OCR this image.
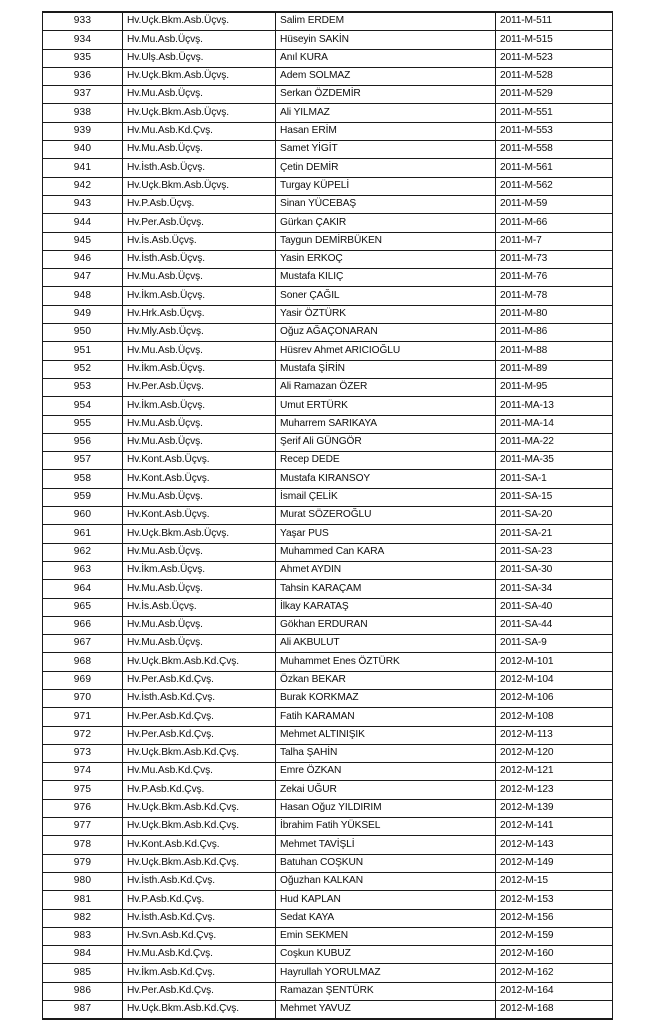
933	Hv.Uçk.Bkm.Asb.Üçvş.	Salim ERDEM	2011-M-511
934	Hv.Mu.Asb.Üçvş.	Hüseyin SAKİN	2011-M-515
935	Hv.Ulş.Asb.Üçvş.	Anıl KURA	2011-M-523
936	Hv.Uçk.Bkm.Asb.Üçvş.	Adem SOLMAZ	2011-M-528
937	Hv.Mu.Asb.Üçvş.	Serkan ÖZDEMİR	2011-M-529
938	Hv.Uçk.Bkm.Asb.Üçvş.	Ali YILMAZ	2011-M-551
939	Hv.Mu.Asb.Kd.Çvş.	Hasan ERİM	2011-M-553
940	Hv.Mu.Asb.Üçvş.	Samet YİGİT	2011-M-558
941	Hv.İsth.Asb.Üçvş.	Çetin DEMİR	2011-M-561
942	Hv.Uçk.Bkm.Asb.Üçvş.	Turgay KÜPELİ	2011-M-562
943	Hv.P.Asb.Üçvş.	Sinan YÜCEBAŞ	2011-M-59
944	Hv.Per.Asb.Üçvş.	Gürkan ÇAKIR	2011-M-66
945	Hv.İs.Asb.Üçvş.	Taygun DEMİRBÜKEN	2011-M-7
946	Hv.İsth.Asb.Üçvş.	Yasin ERKOÇ	2011-M-73
947	Hv.Mu.Asb.Üçvş.	Mustafa KILIÇ	2011-M-76
948	Hv.İkm.Asb.Üçvş.	Soner ÇAĞIL	2011-M-78
949	Hv.Hrk.Asb.Üçvş.	Yasir ÖZTÜRK	2011-M-80
950	Hv.Mly.Asb.Üçvş.	Oğuz AĞAÇONARAN	2011-M-86
951	Hv.Mu.Asb.Üçvş.	Hüsrev Ahmet ARICIOĞLU	2011-M-88
952	Hv.İkm.Asb.Üçvş.	Mustafa ŞİRİN	2011-M-89
953	Hv.Per.Asb.Üçvş.	Ali Ramazan ÖZER	2011-M-95
954	Hv.İkm.Asb.Üçvş.	Umut ERTÜRK	2011-MA-13
955	Hv.Mu.Asb.Üçvş.	Muharrem SARIKAYA	2011-MA-14
956	Hv.Mu.Asb.Üçvş.	Şerif Ali GÜNGÖR	2011-MA-22
957	Hv.Kont.Asb.Üçvş.	Recep DEDE	2011-MA-35
958	Hv.Kont.Asb.Üçvş.	Mustafa KIRANSOY	2011-SA-1
959	Hv.Mu.Asb.Üçvş.	İsmail ÇELİK	2011-SA-15
960	Hv.Kont.Asb.Üçvş.	Murat SÖZEROĞLU	2011-SA-20
961	Hv.Uçk.Bkm.Asb.Üçvş.	Yaşar PUS	2011-SA-21
962	Hv.Mu.Asb.Üçvş.	Muhammed Can KARA	2011-SA-23
963	Hv.İkm.Asb.Üçvş.	Ahmet AYDIN	2011-SA-30
964	Hv.Mu.Asb.Üçvş.	Tahsin KARAÇAM	2011-SA-34
965	Hv.İs.Asb.Üçvş.	İlkay KARATAŞ	2011-SA-40
966	Hv.Mu.Asb.Üçvş.	Gökhan ERDURAN	2011-SA-44
967	Hv.Mu.Asb.Üçvş.	Ali AKBULUT	2011-SA-9
968	Hv.Uçk.Bkm.Asb.Kd.Çvş.	Muhammet Enes ÖZTÜRK	2012-M-101
969	Hv.Per.Asb.Kd.Çvş.	Özkan BEKAR	2012-M-104
970	Hv.İsth.Asb.Kd.Çvş.	Burak KORKMAZ	2012-M-106
971	Hv.Per.Asb.Kd.Çvş.	Fatih KARAMAN	2012-M-108
972	Hv.Per.Asb.Kd.Çvş.	Mehmet ALTINIŞIK	2012-M-113
973	Hv.Uçk.Bkm.Asb.Kd.Çvş.	Talha ŞAHİN	2012-M-120
974	Hv.Mu.Asb.Kd.Çvş.	Emre ÖZKAN	2012-M-121
975	Hv.P.Asb.Kd.Çvş.	Zekai UĞUR	2012-M-123
976	Hv.Uçk.Bkm.Asb.Kd.Çvş.	Hasan Oğuz YILDIRIM	2012-M-139
977	Hv.Uçk.Bkm.Asb.Kd.Çvş.	İbrahim Fatih YÜKSEL	2012-M-141
978	Hv.Kont.Asb.Kd.Çvş.	Mehmet TAVİŞLİ	2012-M-143
979	Hv.Uçk.Bkm.Asb.Kd.Çvş.	Batuhan COŞKUN	2012-M-149
980	Hv.İsth.Asb.Kd.Çvş.	Oğuzhan KALKAN	2012-M-15
981	Hv.P.Asb.Kd.Çvş.	Hud KAPLAN	2012-M-153
982	Hv.İsth.Asb.Kd.Çvş.	Sedat KAYA	2012-M-156
983	Hv.Svn.Asb.Kd.Çvş.	Emin SEKMEN	2012-M-159
984	Hv.Mu.Asb.Kd.Çvş.	Coşkun KUBUZ	2012-M-160
985	Hv.İkm.Asb.Kd.Çvş.	Hayrullah YORULMAZ	2012-M-162
986	Hv.Per.Asb.Kd.Çvş.	Ramazan ŞENTÜRK	2012-M-164
987	Hv.Uçk.Bkm.Asb.Kd.Çvş.	Mehmet YAVUZ	2012-M-168
